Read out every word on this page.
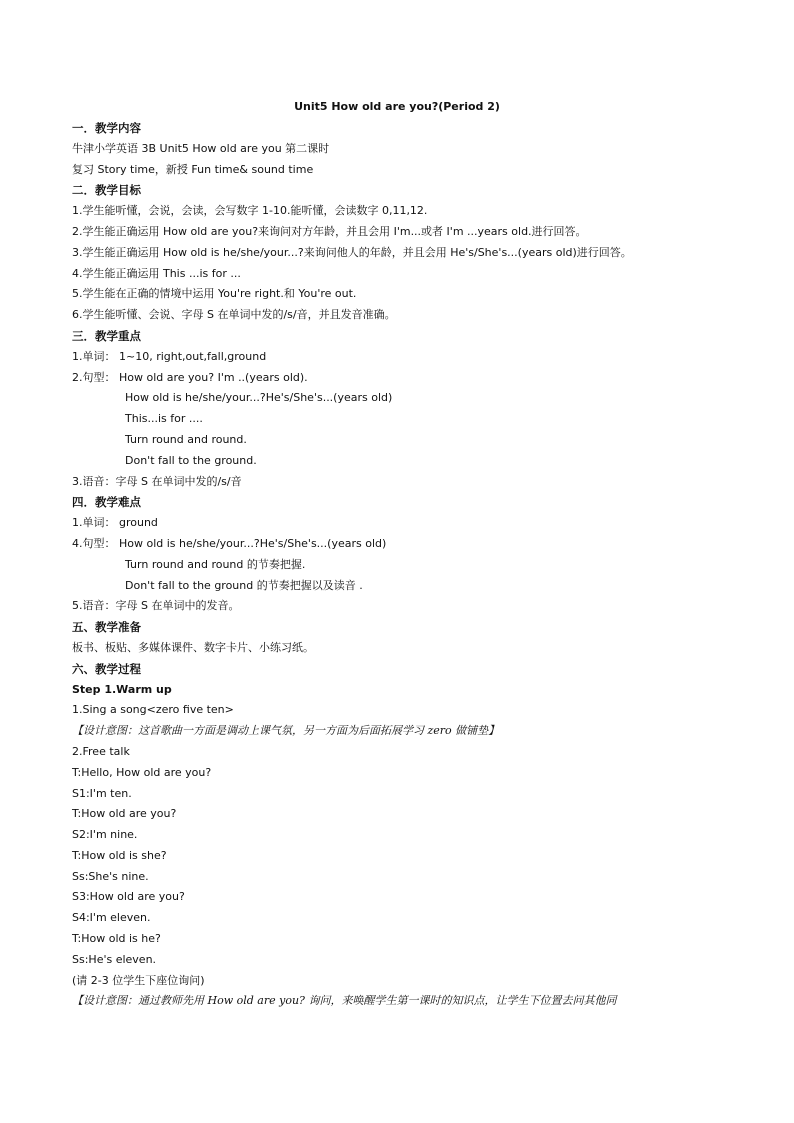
Unit5 How old are you?(Period 2)
一．教学内容
牛津小学英语 3B Unit5 How old are you 第二课时
复习 Story time，新授 Fun time& sound time
二．教学目标
1.学生能听懂，会说，会读，会写数字 1-10.能听懂，会读数字 0,11,12.
2.学生能正确运用 How old are you?来询问对方年龄，并且会用 I'm...或者 I'm ...years old.进行回答。
3.学生能正确运用 How old is he/she/your...?来询问他人的年龄，并且会用 He's/She's...(years old)进行回答。
4.学生能正确运用 This ...is for ...
5.学生能在正确的情境中运用 You're right.和 You're out.
6.学生能听懂、会说、字母 S 在单词中发的/s/音，并且发音准确。
三．教学重点
1.单词： 1~10, right,out,fall,ground
2.句型： How old are you? I'm ..(years old).
How old is he/she/your...?He's/She's...(years old)
This...is for ....
Turn round and round.
Don't fall to the ground.
3.语音：字母 S 在单词中发的/s/音
四．教学难点
1.单词： ground
4.句型： How old is he/she/your...?He's/She's...(years old)
Turn round and round 的节奏把握.
Don't fall to the ground 的节奏把握以及读音 .
5.语音：字母 S 在单词中的发音。
五、教学准备
板书、板贴、多媒体课件、数字卡片、小练习纸。
六、教学过程
Step 1.Warm up
1.Sing a song<zero five ten>
【设计意图：这首歌曲一方面是调动上课气氛，另一方面为后面拓展学习 zero 做铺垫】
2.Free talk
T:Hello, How old are you?
S1:I'm ten.
T:How old are you?
S2:I'm nine.
T:How old is she?
Ss:She's nine.
S3:How old are you?
S4:I'm eleven.
T:How old is he?
Ss:He's eleven.
(请 2-3 位学生下座位询问)
【设计意图：通过教师先用 How old are you? 询问，来唤醒学生第一课时的知识点，让学生下位置去问其他同
